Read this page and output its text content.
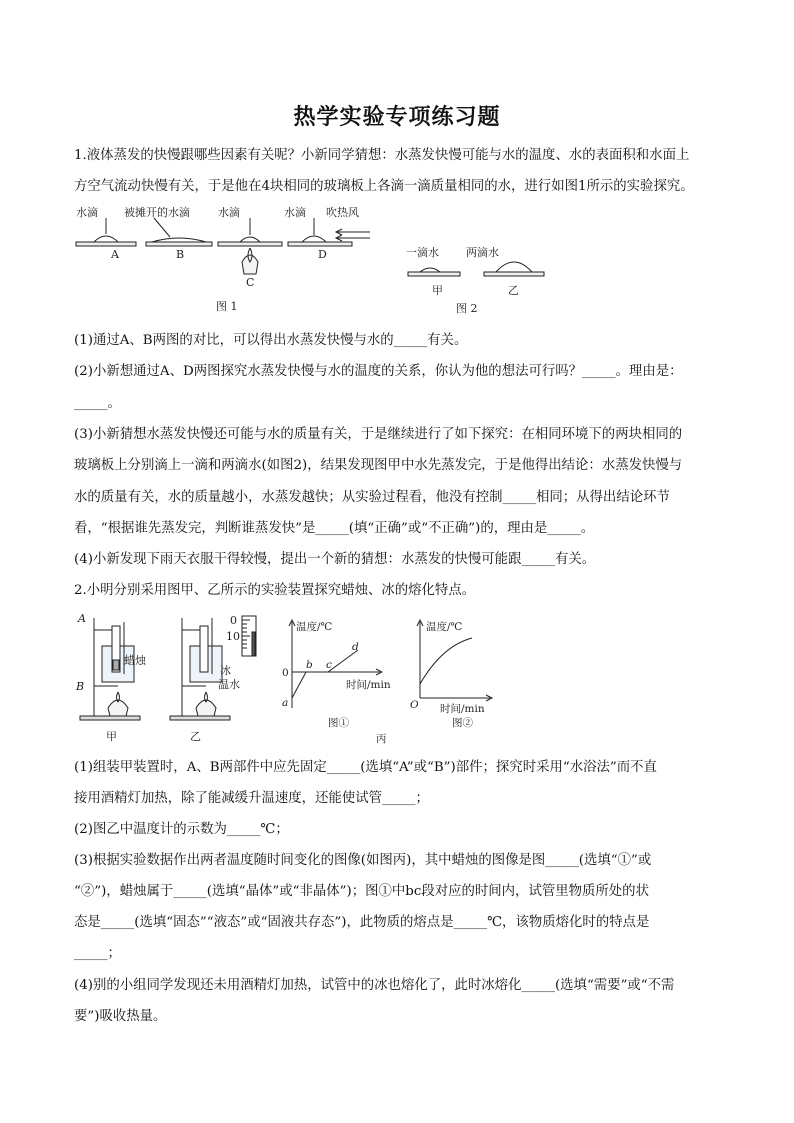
热学实验专项练习题
1.液体蒸发的快慢跟哪些因素有关呢？小新同学猜想：水蒸发快慢可能与水的温度、水的表面积和水面上
方空气流动快慢有关，于是他在4块相同的玻璃板上各滴一滴质量相同的水，进行如图1所示的实验探究。
水滴 被摊开的水滴	水滴	水滴 吹热风
A	B
C
D
图 1
一滴水 两滴水
甲	乙
图 2
(1)通过A、B两图的对比，可以得出水蒸发快慢与水的_____有关。
(2)小新想通过A、D两图探究水蒸发快慢与水的温度的关系，你认为他的想法可行吗？_____。理由是：
_____。
(3)小新猜想水蒸发快慢还可能与水的质量有关，于是继续进行了如下探究：在相同环境下的两块相同的
玻璃板上分别滴上一滴和两滴水(如图2)，结果发现图甲中水先蒸发完，于是他得出结论：水蒸发快慢与
水的质量有关，水的质量越小，水蒸发越快；从实验过程看，他没有控制_____相同；从得出结论环节
看，“根据谁先蒸发完，判断谁蒸发快”是_____(填“正确”或“不正确”)的，理由是_____。
(4)小新发现下雨天衣服干得较慢，提出一个新的猜想：水蒸发的快慢可能跟_____有关。
2.小明分别采用图甲、乙所示的实验装置探究蜡烛、冰的熔化特点。
A
B
蜡烛
甲
0
10
冰
温水
乙
温度/℃
0
时间/min
a
b c
d
图①
温度/℃
O 时间/min
图②
丙
(1)组装甲装置时，A、B两部件中应先固定_____(选填“A”或“B”)部件；探究时采用“水浴法”而不直
接用酒精灯加热，除了能减缓升温速度，还能使试管_____；
(2)图乙中温度计的示数为_____℃；
(3)根据实验数据作出两者温度随时间变化的图像(如图丙)，其中蜡烛的图像是图_____(选填“①”或
“②”)，蜡烛属于_____(选填“晶体”或“非晶体”)；图①中bc段对应的时间内，试管里物质所处的状
态是_____(选填“固态”“液态”或“固液共存态”)，此物质的熔点是_____℃，该物质熔化时的特点是
_____；
(4)别的小组同学发现还未用酒精灯加热，试管中的冰也熔化了，此时冰熔化_____(选填“需要”或“不需
要”)吸收热量。
